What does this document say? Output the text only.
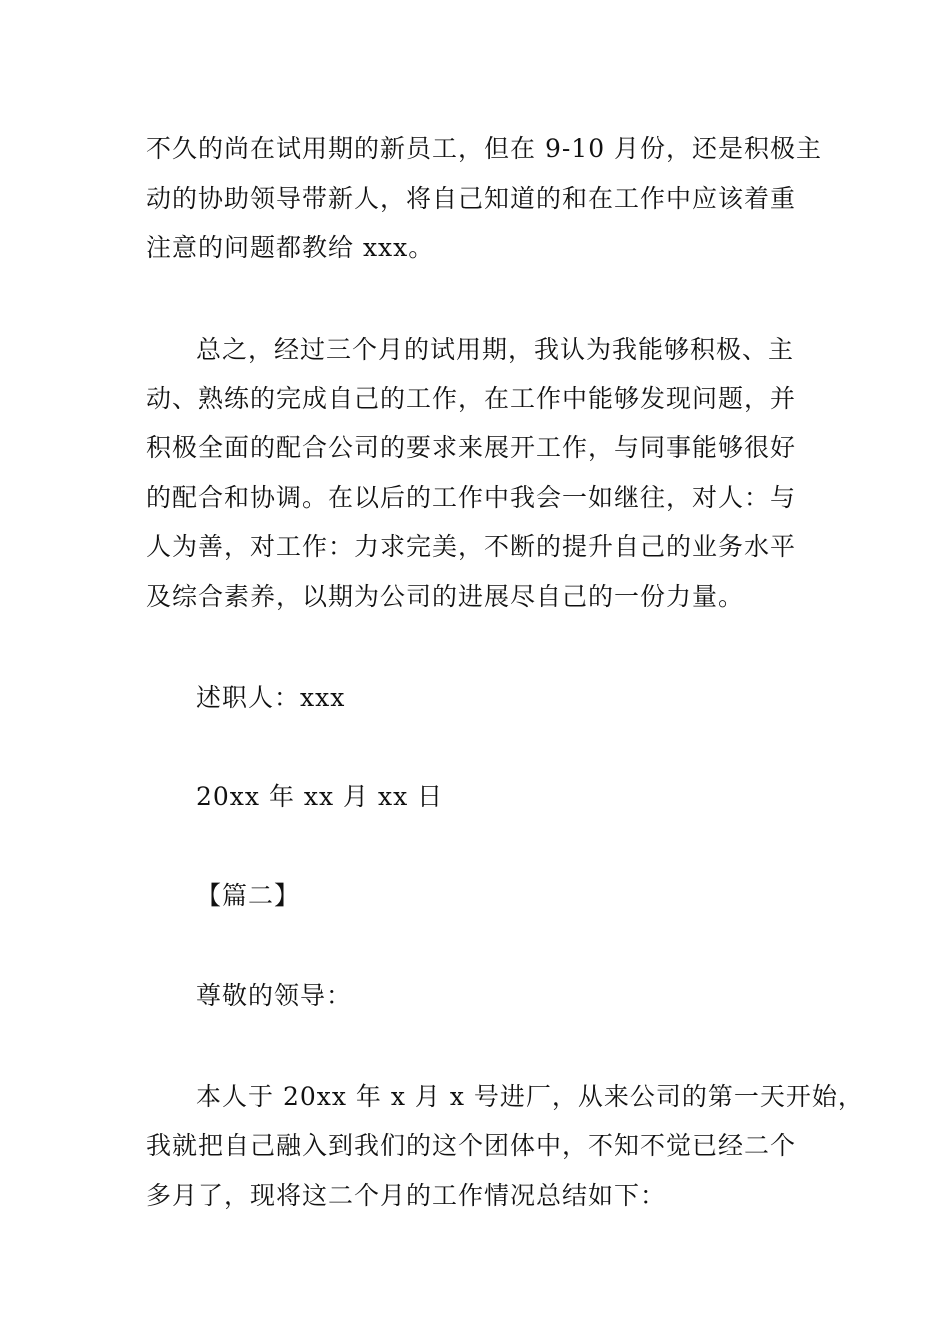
不久的尚在试用期的新员工，但在 9-10 月份，还是积极主
动的协助领导带新人，将自己知道的和在工作中应该着重
注意的问题都教给 xxx。
总之，经过三个月的试用期，我认为我能够积极、主
动、熟练的完成自己的工作，在工作中能够发现问题，并
积极全面的配合公司的要求来展开工作，与同事能够很好
的配合和协调。在以后的工作中我会一如继往，对人：与
人为善，对工作：力求完美，不断的提升自己的业务水平
及综合素养，以期为公司的进展尽自己的一份力量。
述职人：xxx
20xx 年 xx 月 xx 日
【篇二】
尊敬的领导：
本人于 20xx 年 x 月 x 号进厂，从来公司的第一天开始，
我就把自己融入到我们的这个团体中，不知不觉已经二个
多月了，现将这二个月的工作情况总结如下：
